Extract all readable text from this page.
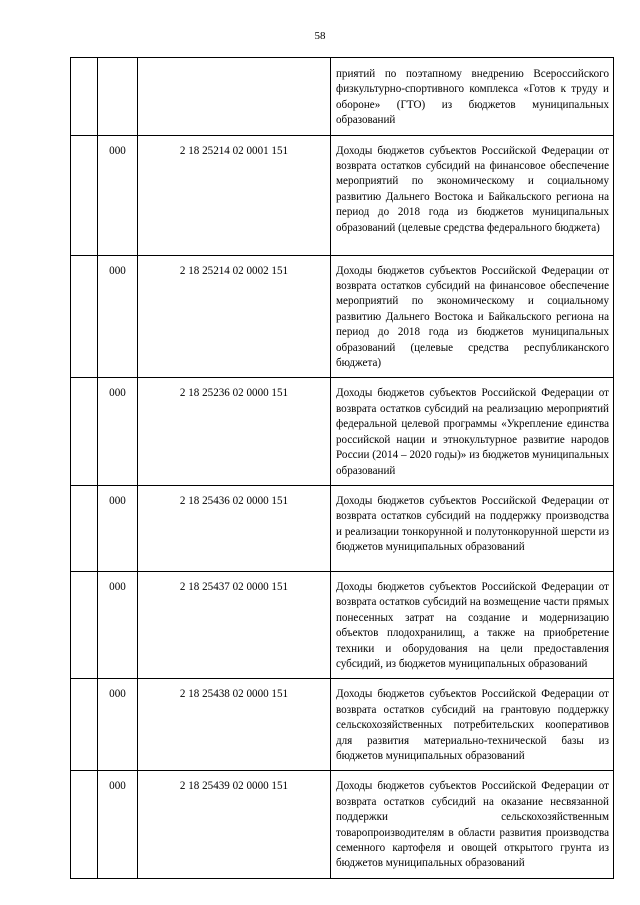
58
			приятий по поэтапному внедрению Всероссийского физкультурно-спортивного комплекса «Готов к труду и обороне» (ГТО) из бюджетов муниципальных образований
	000	2 18 25214 02 0001 151	Доходы бюджетов субъектов Российской Федерации от возврата остатков субсидий на финансовое обеспечение мероприятий по экономическому и социальному развитию Дальнего Востока и Байкальского региона на период до 2018 года из бюджетов муниципальных образований (целевые средства федерального бюджета)
	000	2 18 25214 02 0002 151	Доходы бюджетов субъектов Российской Федерации от возврата остатков субсидий на финансовое обеспечение мероприятий по экономическому и социальному развитию Дальнего Востока и Байкальского региона на период до 2018 года из бюджетов муниципальных образований (целевые средства республиканского бюджета)
	000	2 18 25236 02 0000 151	Доходы бюджетов субъектов Российской Федерации от возврата остатков субсидий на реализацию мероприятий федеральной целевой программы «Укрепление единства российской нации и этнокультурное развитие народов России (2014 – 2020 годы)» из бюджетов муниципальных образований
	000	2 18 25436 02 0000 151	Доходы бюджетов субъектов Российской Федерации от возврата остатков субсидий на поддержку производства и реализации тонкорунной и полутонкорунной шерсти из бюджетов муниципальных образований
	000	2 18 25437 02 0000 151	Доходы бюджетов субъектов Российской Федерации от возврата остатков субсидий на возмещение части прямых понесенных затрат на создание и модернизацию объектов плодохранилищ, а также на приобретение техники и оборудования на цели предоставления субсидий, из бюджетов муниципальных образований
	000	2 18 25438 02 0000 151	Доходы бюджетов субъектов Российской Федерации от возврата остатков субсидий на грантовую поддержку сельскохозяйственных потребительских кооперативов для развития материально-технической базы из бюджетов муниципальных образований
	000	2 18 25439 02 0000 151	Доходы бюджетов субъектов Российской Федерации от возврата остатков субсидий на оказание несвязанной поддержки сельскохозяйственным товаропроизводителям в области развития производства семенного картофеля и овощей открытого грунта из бюджетов муниципальных образований
